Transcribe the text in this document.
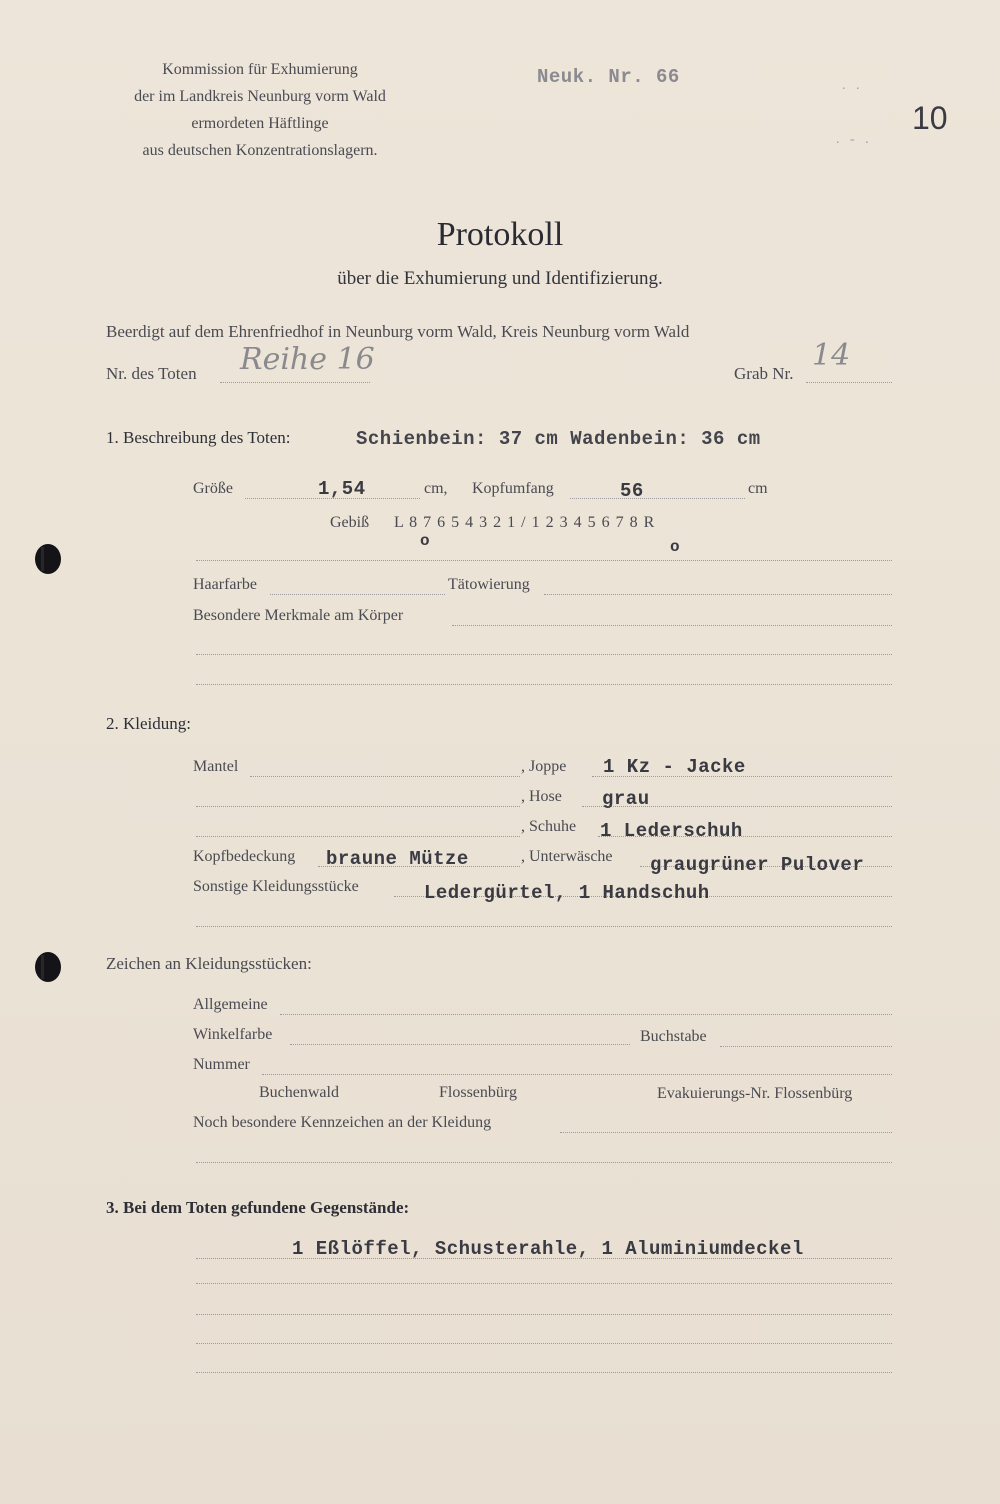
Kommission für Exhumierung
der im Landkreis Neunburg vorm Wald
ermordeten Häftlinge
aus deutschen Konzentrationslagern.
Neuk. Nr. 66
10
.   .
.   -   .
Protokoll
über die Exhumierung und Identifizierung.
Beerdigt auf dem Ehrenfriedhof in Neunburg vorm Wald, Kreis Neunburg vorm Wald
Nr. des Toten Reihe 16	Grab Nr.
14
1. Beschreibung des Toten:	Schienbein: 37 cm Wadenbein: 36 cm
Größe	1,54	cm, Kopfumfang	56	cm
Gebiß L 8 7 6 5 4 3 2 1 / 1 2 3 4 5 6 7 8 R
o	o
Haarfarbe	Tätowierung
Besondere Merkmale am Körper
2. Kleidung:
Mantel	, Joppe 1 Kz - Jacke
, Hose grau
, Schuhe 1 Lederschuh
Kopfbedeckung braune Mütze	, Unterwäsche graugrüner Pulover
Sonstige Kleidungsstücke	Ledergürtel, 1 Handschuh
Zeichen an Kleidungsstücken:
Allgemeine
Winkelfarbe	Buchstabe
Nummer
Buchenwald	Flossenbürg	Evakuierungs-Nr. Flossenbürg
Noch besondere Kennzeichen an der Kleidung
3. Bei dem Toten gefundene Gegenstände:
1 Eßlöffel, Schusterahle, 1 Aluminiumdeckel
